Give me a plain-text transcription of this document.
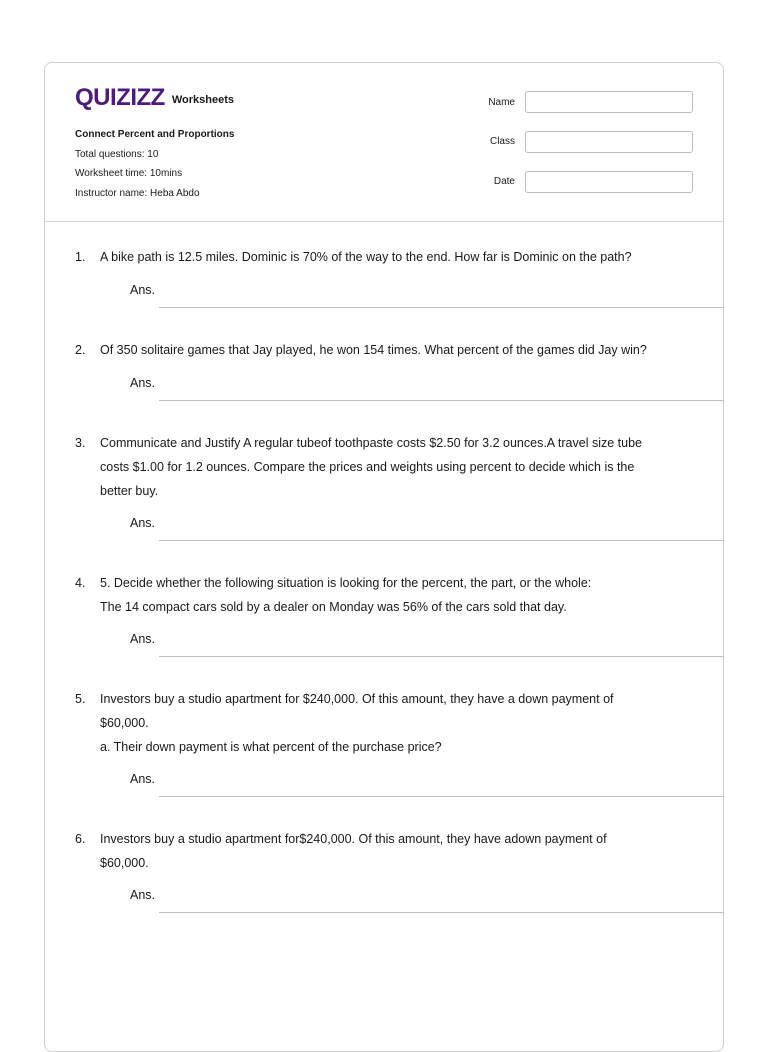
QUIZIZZ Worksheets
Connect Percent and Proportions
Total questions: 10
Worksheet time: 10mins
Instructor name: Heba Abdo
Name
Class
Date
1. A bike path is 12.5 miles. Dominic is 70% of the way to the end. How far is Dominic on the path?
Ans.
2. Of 350 solitaire games that Jay played, he won 154 times. What percent of the games did Jay win?
Ans.
3. Communicate and Justify A regular tubeof toothpaste costs $2.50 for 3.2 ounces.A travel size tube
costs $1.00 for 1.2 ounces. Compare the prices and weights using percent to decide which is the
better buy.
Ans.
4. 5. Decide whether the following situation is looking for the percent, the part, or the whole:
The 14 compact cars sold by a dealer on Monday was 56% of the cars sold that day.
Ans.
5. Investors buy a studio apartment for $240,000. Of this amount, they have a down payment of
$60,000.
a. Their down payment is what percent of the purchase price?
Ans.
6. Investors buy a studio apartment for$240,000. Of this amount, they have adown payment of
$60,000.
Ans.
